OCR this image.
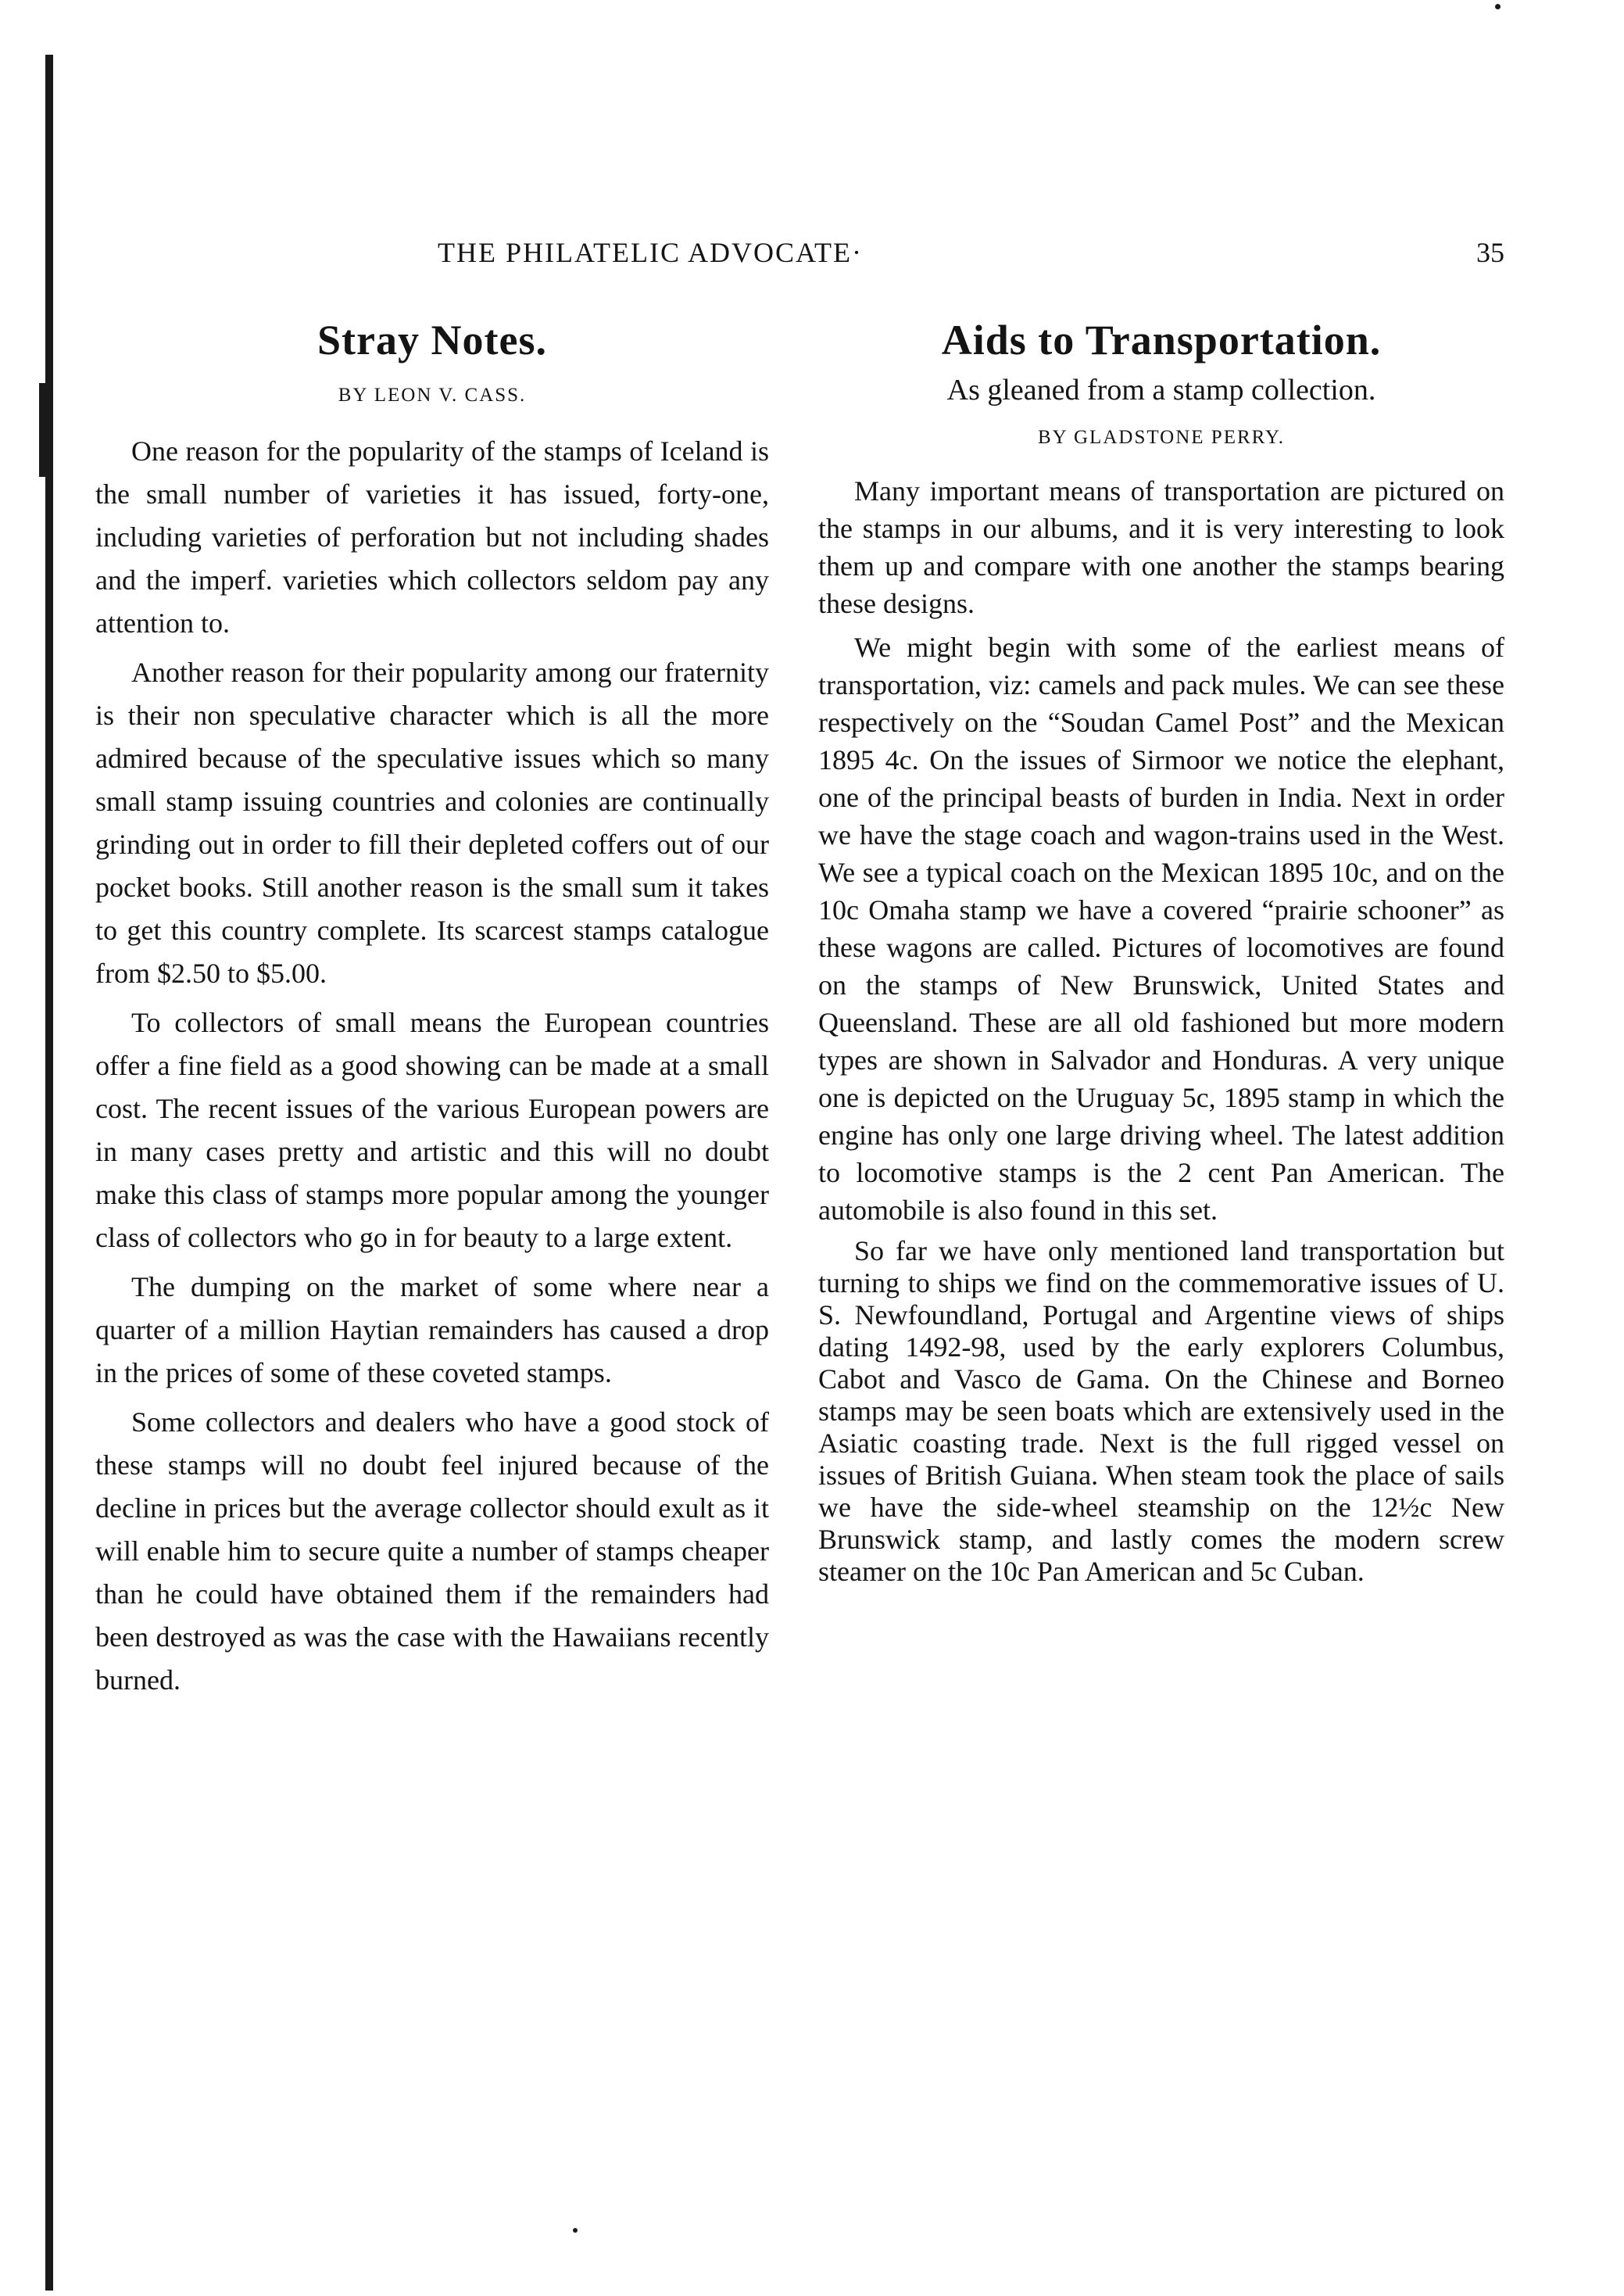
THE PHILATELIC ADVOCATE·	35
Stray Notes.
BY LEON V. CASS.

One reason for the popularity of the stamps of Iceland is the small number of varieties it has issued, forty-one, including varieties of perforation but not including shades and the imperf. varieties which collectors seldom pay any attention to.

Another reason for their popularity among our fraternity is their non speculative character which is all the more admired because of the speculative issues which so many small stamp issuing countries and colonies are continually grinding out in order to fill their depleted coffers out of our pocket books. Still another reason is the small sum it takes to get this country complete. Its scarcest stamps catalogue from $2.50 to $5.00.

To collectors of small means the European countries offer a fine field as a good showing can be made at a small cost. The recent issues of the various European powers are in many cases pretty and artistic and this will no doubt make this class of stamps more popular among the younger class of collectors who go in for beauty to a large extent.

The dumping on the market of some where near a quarter of a million Haytian remainders has caused a drop in the prices of some of these coveted stamps.

Some collectors and dealers who have a good stock of these stamps will no doubt feel injured because of the decline in prices but the average collector should exult as it will enable him to secure quite a number of stamps cheaper than he could have obtained them if the remainders had been destroyed as was the case with the Hawaiians recently burned.

Aids to Transportation.
As gleaned from a stamp collection.
BY GLADSTONE PERRY.

Many important means of transportation are pictured on the stamps in our albums, and it is very interesting to look them up and compare with one another the stamps bearing these designs.

We might begin with some of the earliest means of transportation, viz: camels and pack mules. We can see these respectively on the “Soudan Camel Post” and the Mexican 1895 4c. On the issues of Sirmoor we notice the elephant, one of the principal beasts of burden in India. Next in order we have the stage coach and wagon-trains used in the West. We see a typical coach on the Mexican 1895 10c, and on the 10c Omaha stamp we have a covered “prairie schooner” as these wagons are called. Pictures of locomotives are found on the stamps of New Brunswick, United States and Queensland. These are all old fashioned but more modern types are shown in Salvador and Honduras. A very unique one is depicted on the Uruguay 5c, 1895 stamp in which the engine has only one large driving wheel. The latest addition to locomotive stamps is the 2 cent Pan American. The automobile is also found in this set.

So far we have only mentioned land transportation but turning to ships we find on the commemorative issues of U. S. Newfoundland, Portugal and Argentine views of ships dating 1492-98, used by the early explorers Columbus, Cabot and Vasco de Gama. On the Chinese and Borneo stamps may be seen boats which are extensively used in the Asiatic coasting trade. Next is the full rigged vessel on issues of British Guiana. When steam took the place of sails we have the side-wheel steamship on the 12½c New Brunswick stamp, and lastly comes the modern screw steamer on the 10c Pan American and 5c Cuban.
